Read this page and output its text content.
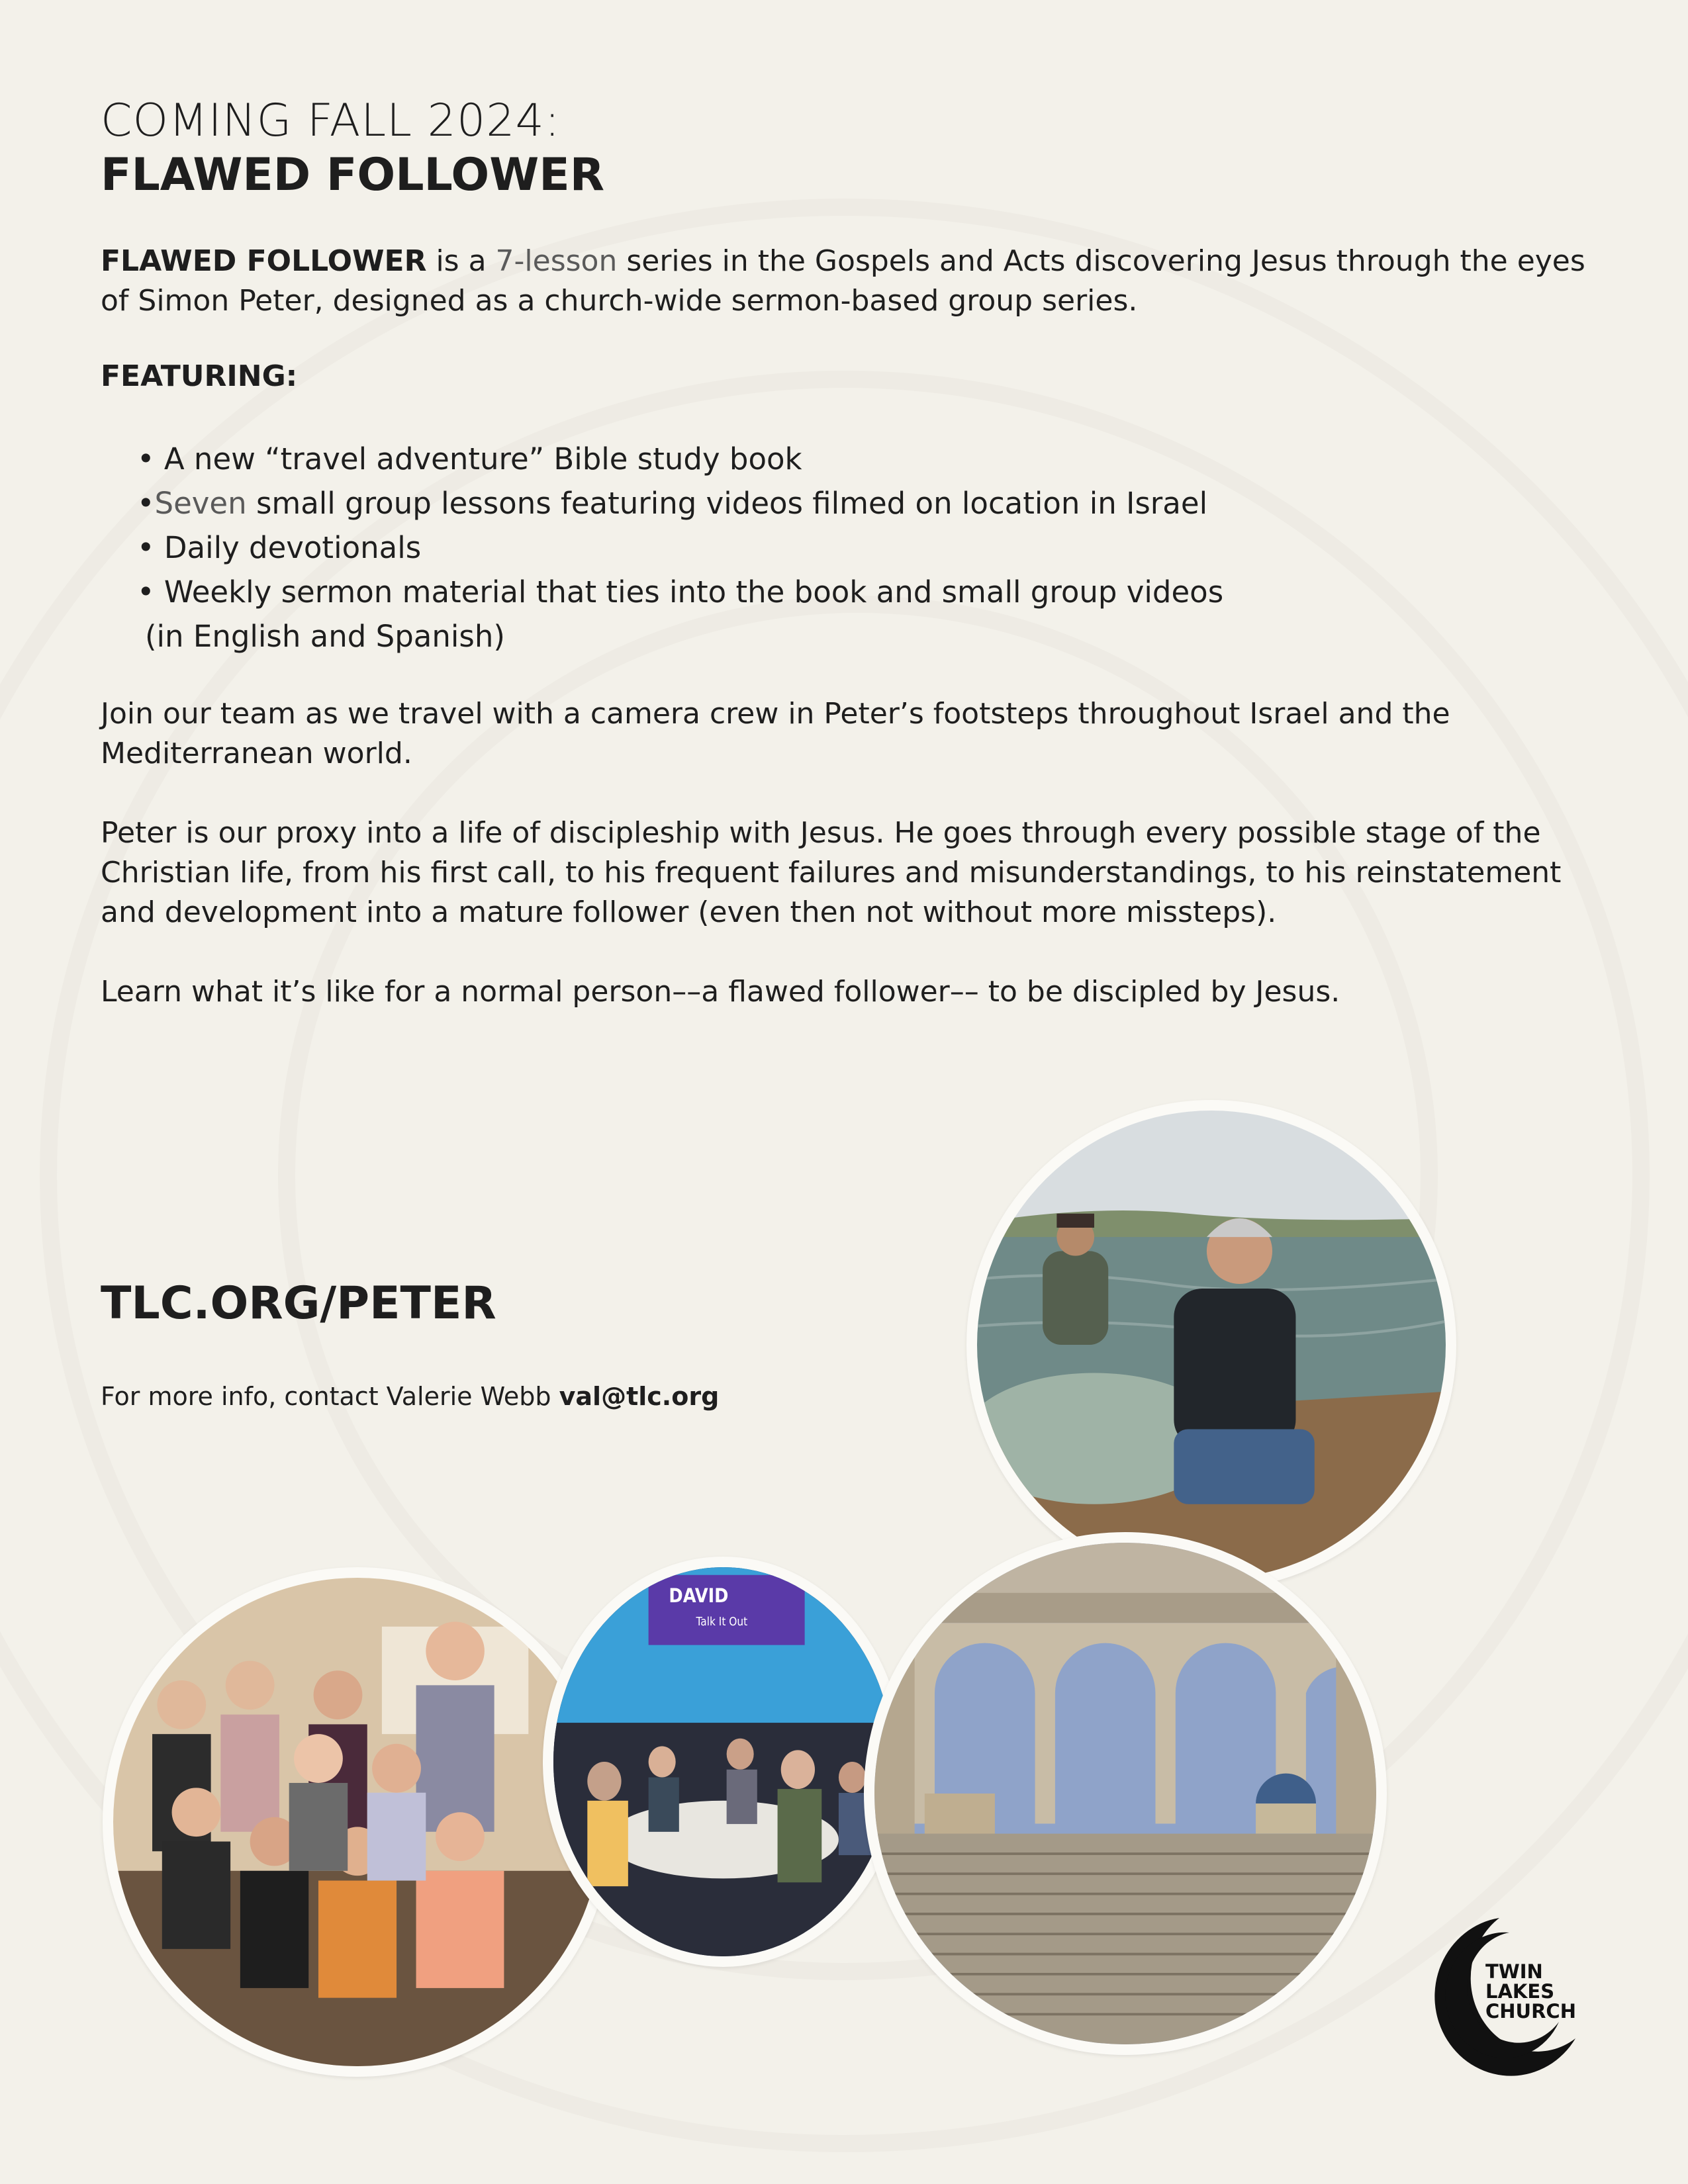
COMING FALL 2024:

FLAWED FOLLOWER

FLAWED FOLLOWER is a 7-lesson series in the Gospels and Acts discovering Jesus through the eyes of Simon Peter, designed as a church-wide sermon-based group series.

FEATURING:

• A new “travel adventure” Bible study book
•Seven small group lessons featuring videos filmed on location in Israel
• Daily devotionals
• Weekly sermon material that ties into the book and small group videos
(in English and Spanish)

Join our team as we travel with a camera crew in Peter’s footsteps throughout Israel and the Mediterranean world.

Peter is our proxy into a life of discipleship with Jesus. He goes through every possible stage of the Christian life, from his first call, to his frequent failures and misunderstandings, to his reinstatement and development into a mature follower (even then not without more missteps).

Learn what it’s like for a normal person––a flawed follower–– to be discipled by Jesus.

TLC.ORG/PETER

For more info, contact Valerie Webb val@tlc.org

DAVID
Talk It Out
TWIN
LAKES
CHURCH
